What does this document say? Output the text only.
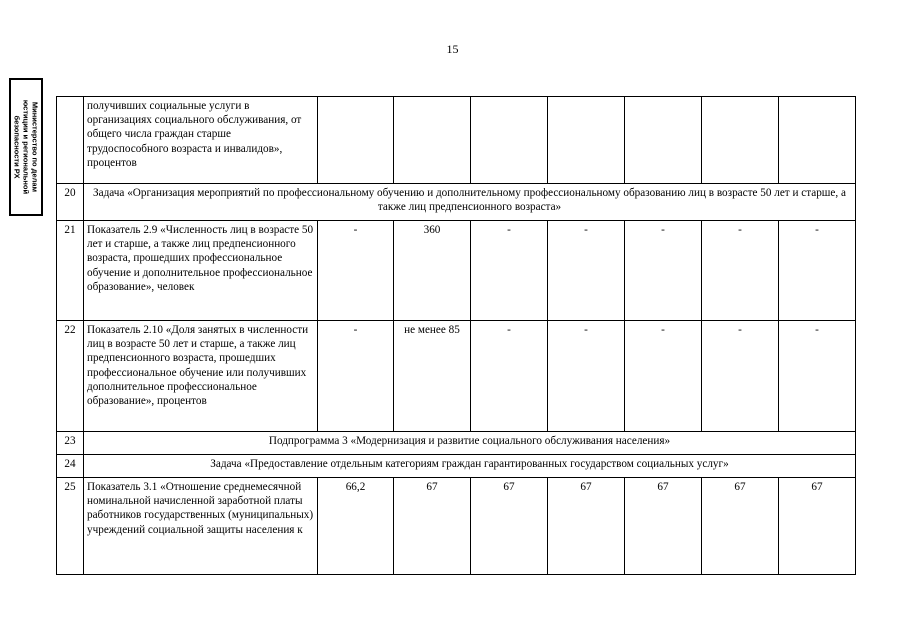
15
Министерство по делам юстиции и региональной безопасности РХ
	получивших социальные услуги в организациях социального обслуживания, от общего числа граждан старше трудоспособного возраста и инвалидов», процентов							
20	Задача «Организация мероприятий по профессиональному обучению и дополнительному профессиональному образованию лиц в возрасте 50 лет и старше, а также лиц предпенсионного возраста»							
21	Показатель 2.9 «Численность лиц в возрасте 50 лет и старше, а также лиц предпенсионного возраста, прошедших профессиональное обучение и дополнительное профессиональное образование», человек	-	360	-	-	-	-	-
22	Показатель 2.10 «Доля занятых в численности лиц в возрасте 50 лет и старше, а также лиц предпенсионного возраста, прошедших профессиональное обучение или получивших дополнительное профессиональное образование», процентов	-	не менее 85	-	-	-	-	-
23	Подпрограмма 3 «Модернизация и развитие социального обслуживания населения»							
24	Задача «Предоставление отдельным категориям граждан гарантированных государством социальных услуг»							
25	Показатель 3.1 «Отношение среднемесячной номинальной начисленной заработной платы работников государственных (муниципальных) учреждений социальной защиты населения к	66,2	67	67	67	67	67	67
